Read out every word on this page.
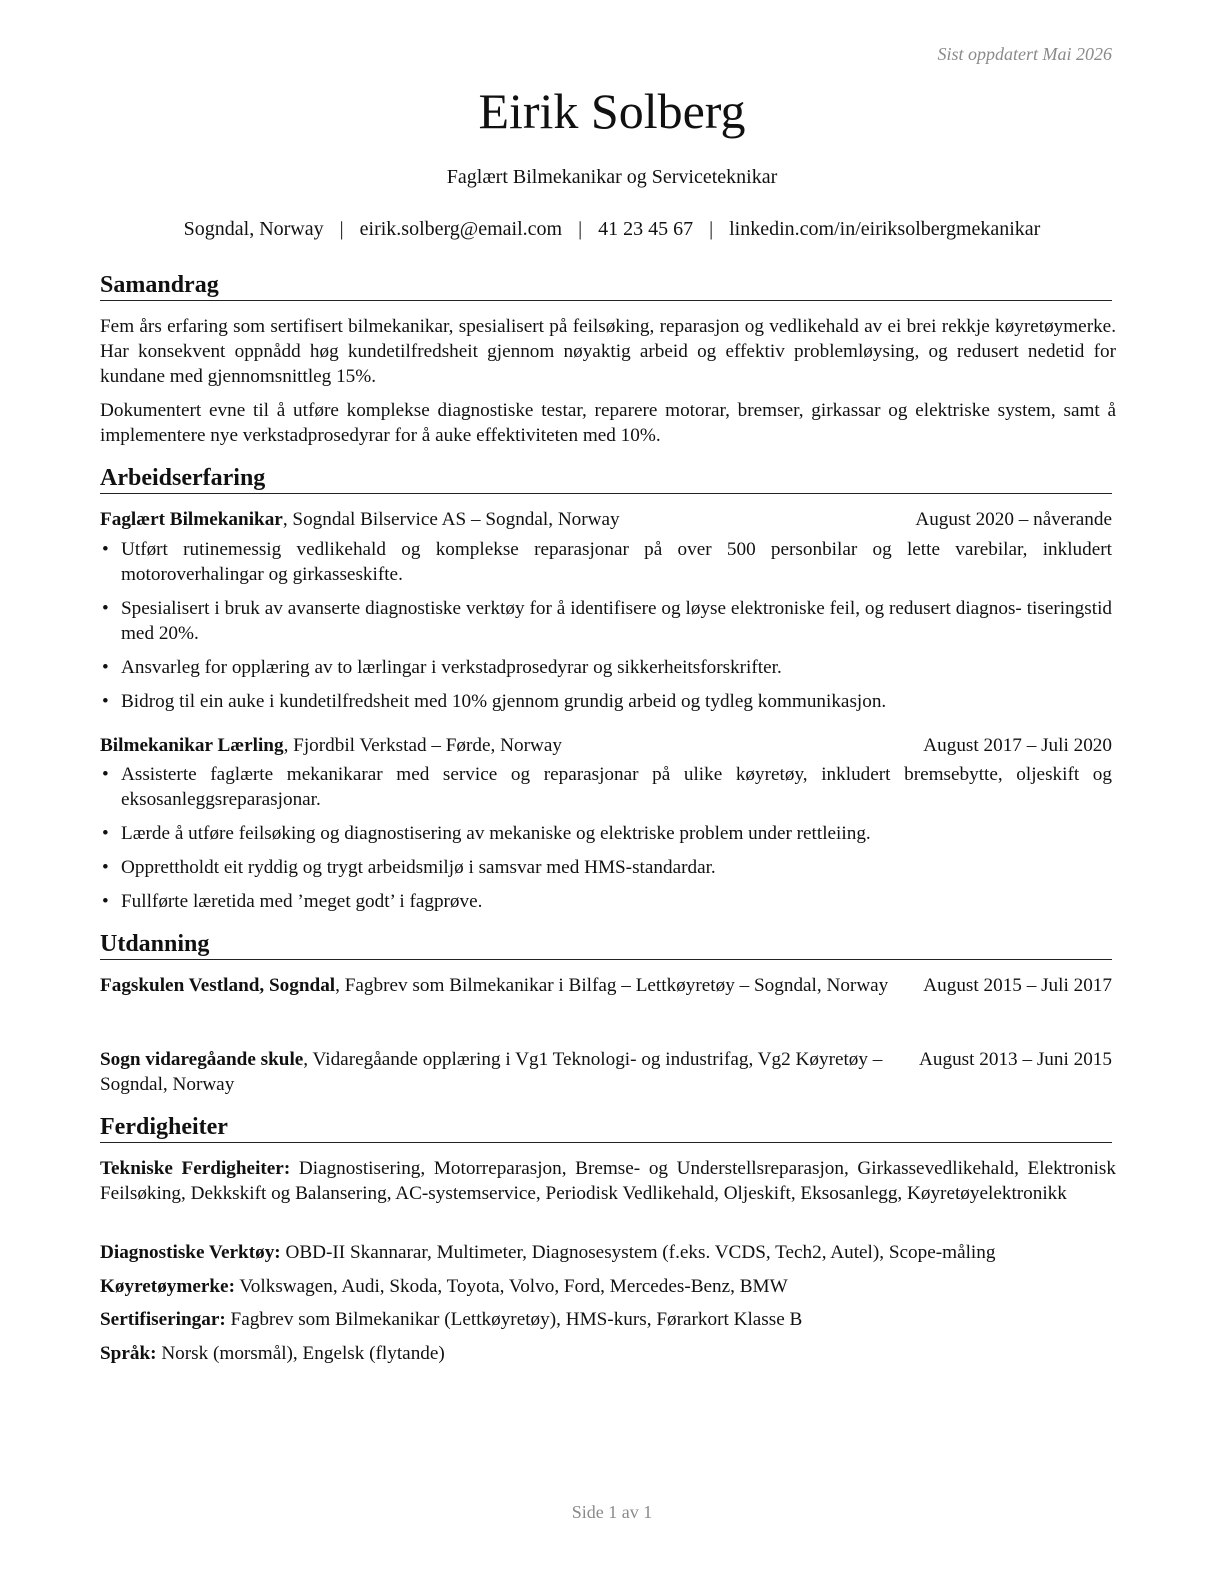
Sist oppdatert Mai 2026
Eirik Solberg
Faglært Bilmekanikar og Serviceteknikar
Sogndal, Norway | eirik.solberg@email.com | 41 23 45 67 | linkedin.com/in/eiriksolbergmekanikar
Samandrag
Fem års erfaring som sertifisert bilmekanikar, spesialisert på feilsøking, reparasjon og vedlikehald av ei brei rekkje køyretøymerke. Har konsekvent oppnådd høg kundetilfredsheit gjennom nøyaktig arbeid og effektiv problemløysing, og redusert nedetid for kundane med gjennomsnittleg 15%.
Dokumentert evne til å utføre komplekse diagnostiske testar, reparere motorar, bremser, girkassar og elektriske system, samt å implementere nye verkstadprosedyrar for å auke effektiviteten med 10%.
Arbeidserfaring
Faglært Bilmekanikar, Sogndal Bilservice AS – Sogndal, Norway	August 2020 – nåverande
• Utført rutinemessig vedlikehald og komplekse reparasjonar på over 500 personbilar og lette varebilar, inkludert motoroverhalingar og girkasseskifte.
• Spesialisert i bruk av avanserte diagnostiske verktøy for å identifisere og løyse elektroniske feil, og redusert diagnos- tiseringstid med 20%.
• Ansvarleg for opplæring av to lærlingar i verkstadprosedyrar og sikkerheitsforskrifter.
• Bidrog til ein auke i kundetilfredsheit med 10% gjennom grundig arbeid og tydleg kommunikasjon.
Bilmekanikar Lærling, Fjordbil Verkstad – Førde, Norway	August 2017 – Juli 2020
• Assisterte faglærte mekanikarar med service og reparasjonar på ulike køyretøy, inkludert bremsebytte, oljeskift og eksosanleggsreparasjonar.
• Lærde å utføre feilsøking og diagnostisering av mekaniske og elektriske problem under rettleiing.
• Opprettholdt eit ryddig og trygt arbeidsmiljø i samsvar med HMS-standardar.
• Fullførte læretida med ’meget godt’ i fagprøve.
Utdanning
Fagskulen Vestland, Sogndal, Fagbrev som Bilmekanikar i Bilfag – Lettkøyretøy – Sogndal, Norway August 2015 – Juli 2017
Sogn vidaregåande skule, Vidaregåande opplæring i Vg1 Teknologi- og industrifag, Vg2 Køyretøy – Sogndal, Norway
August 2013 – Juni 2015
Ferdigheiter
Tekniske Ferdigheiter: Diagnostisering, Motorreparasjon, Bremse- og Understellsreparasjon, Girkassevedlikehald, Elektronisk Feilsøking, Dekkskift og Balansering, AC-systemservice, Periodisk Vedlikehald, Oljeskift, Eksosanlegg, Køyretøyelektronikk
Diagnostiske Verktøy: OBD-II Skannarar, Multimeter, Diagnosesystem (f.eks. VCDS, Tech2, Autel), Scope-måling
Køyretøymerke: Volkswagen, Audi, Skoda, Toyota, Volvo, Ford, Mercedes-Benz, BMW
Sertifiseringar: Fagbrev som Bilmekanikar (Lettkøyretøy), HMS-kurs, Førarkort Klasse B
Språk: Norsk (morsmål), Engelsk (flytande)
Side 1 av 1
